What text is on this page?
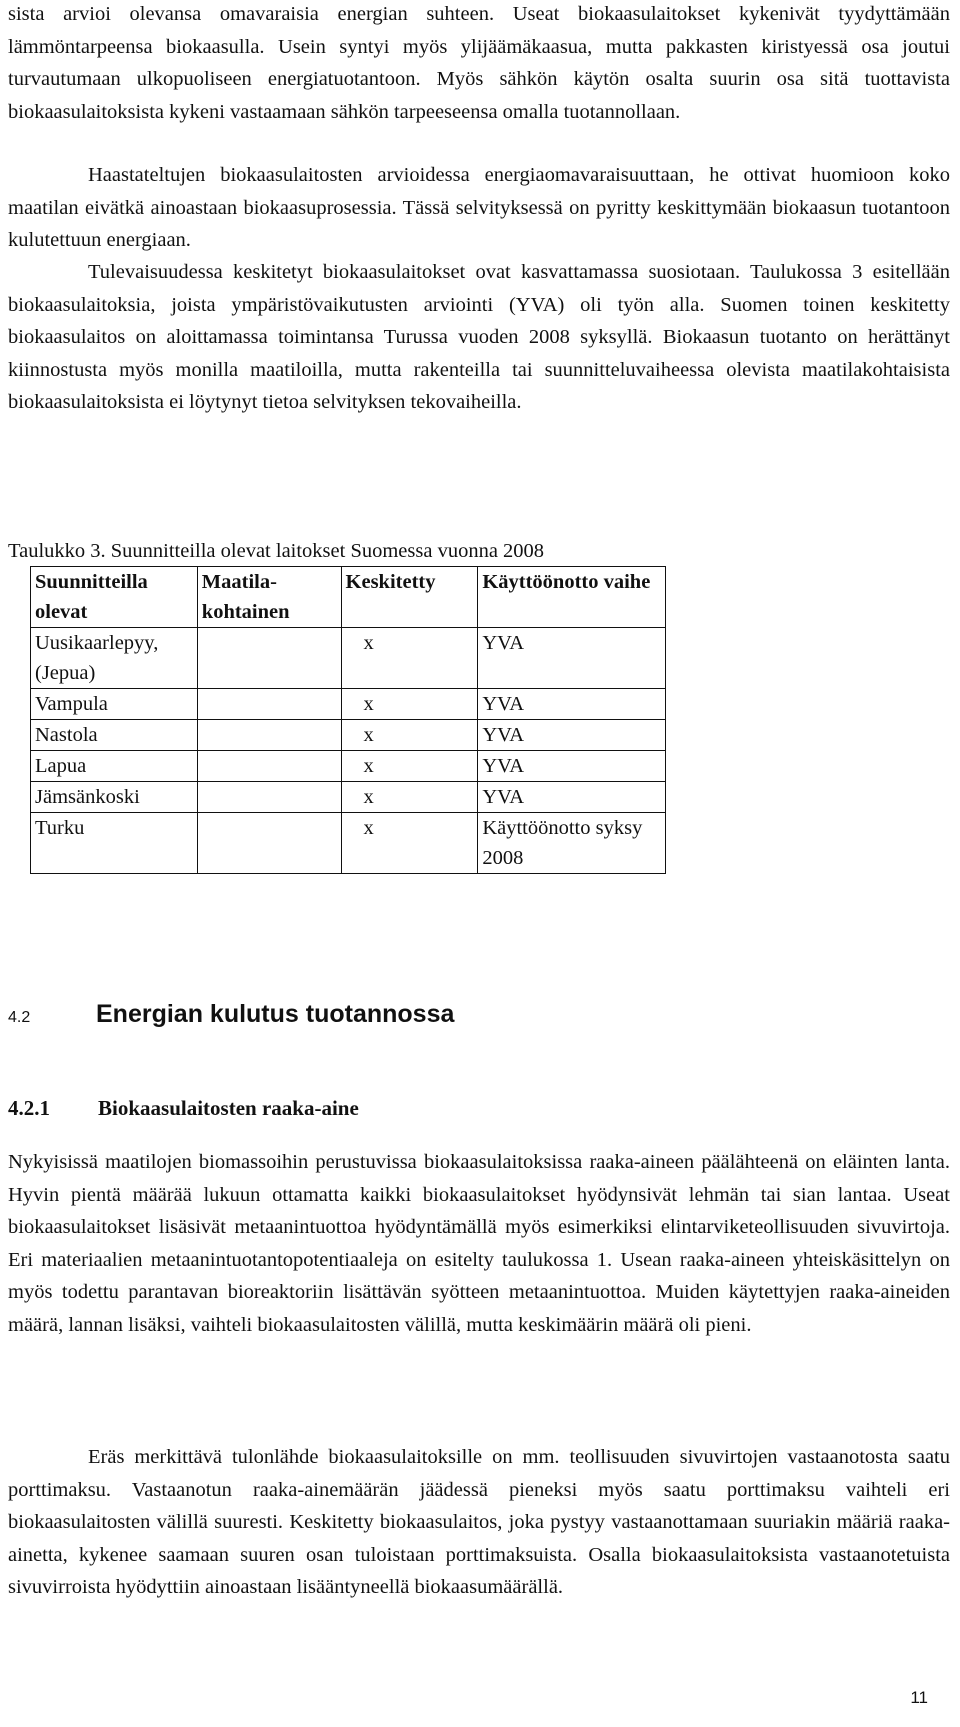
sista arvioi olevansa omavaraisia energian suhteen. Useat biokaasulaitokset kykenivät tyydyttämään lämmöntarpeensa biokaasulla. Usein syntyi myös ylijäämäkaasua, mutta pakkasten kiristyessä osa joutui turvautumaan ulkopuoliseen energiatuotantoon. Myös sähkön käytön osalta suurin osa sitä tuottavista biokaasulaitoksista kykeni vastaamaan sähkön tarpeeseensa omalla tuotannollaan.

Haastateltujen biokaasulaitosten arvioidessa energiaomavaraisuuttaan, he ottivat huomioon koko maatilan eivätkä ainoastaan biokaasuprosessia. Tässä selvityksessä on pyritty keskittymään biokaasun tuotantoon kulutettuun energiaan.

Tulevaisuudessa keskitetyt biokaasulaitokset ovat kasvattamassa suosiotaan. Taulukossa 3 esitellään biokaasulaitoksia, joista ympäristövaikutusten arviointi (YVA) oli työn alla. Suomen toinen keskitetty biokaasulaitos on aloittamassa toimintansa Turussa vuoden 2008 syksyllä. Biokaasun tuotanto on herättänyt kiinnostusta myös monilla maatiloilla, mutta rakenteilla tai suunnitteluvaiheessa olevista maatilakohtaisista biokaasulaitoksista ei löytynyt tietoa selvityksen tekovaiheilla.

Taulukko 3. Suunnitteilla olevat laitokset Suomessa vuonna 2008

Suunnitteilla olevat	Maatila-kohtainen	Keskitetty	Käyttöönotto vaihe
Uusikaarlepyy, (Jepua)		x	YVA
Vampula		x	YVA
Nastola		x	YVA
Lapua		x	YVA
Jämsänkoski		x	YVA
Turku		x	Käyttöönotto syksy 2008
4.2	Energian kulutus tuotannossa
4.2.1 Biokaasulaitosten raaka-aine

Nykyisissä maatilojen biomassoihin perustuvissa biokaasulaitoksissa raaka-aineen päälähteenä on eläinten lanta. Hyvin pientä määrää lukuun ottamatta kaikki biokaasulaitokset hyödynsivät lehmän tai sian lantaa. Useat biokaasulaitokset lisäsivät metaanintuottoa hyödyntämällä myös esimerkiksi elintarviketeollisuuden sivuvirtoja. Eri materiaalien metaanintuotantopotentiaaleja on esitelty taulukossa 1. Usean raaka-aineen yhteiskäsittelyn on myös todettu parantavan bioreaktoriin lisättävän syötteen metaanintuottoa. Muiden käytettyjen raaka-aineiden määrä, lannan lisäksi, vaihteli biokaasulaitosten välillä, mutta keskimäärin määrä oli pieni.

Eräs merkittävä tulonlähde biokaasulaitoksille on mm. teollisuuden sivuvirtojen vastaanotosta saatu porttimaksu. Vastaanotun raaka-ainemäärän jäädessä pieneksi myös saatu porttimaksu vaihteli eri biokaasulaitosten välillä suuresti. Keskitetty biokaasulaitos, joka pystyy vastaanottamaan suuriakin määriä raaka-ainetta, kykenee saamaan suuren osan tuloistaan porttimaksuista. Osalla biokaasulaitoksista vastaanotetuista sivuvirroista hyödyttiin ainoastaan lisääntyneellä biokaasumäärällä.

11
